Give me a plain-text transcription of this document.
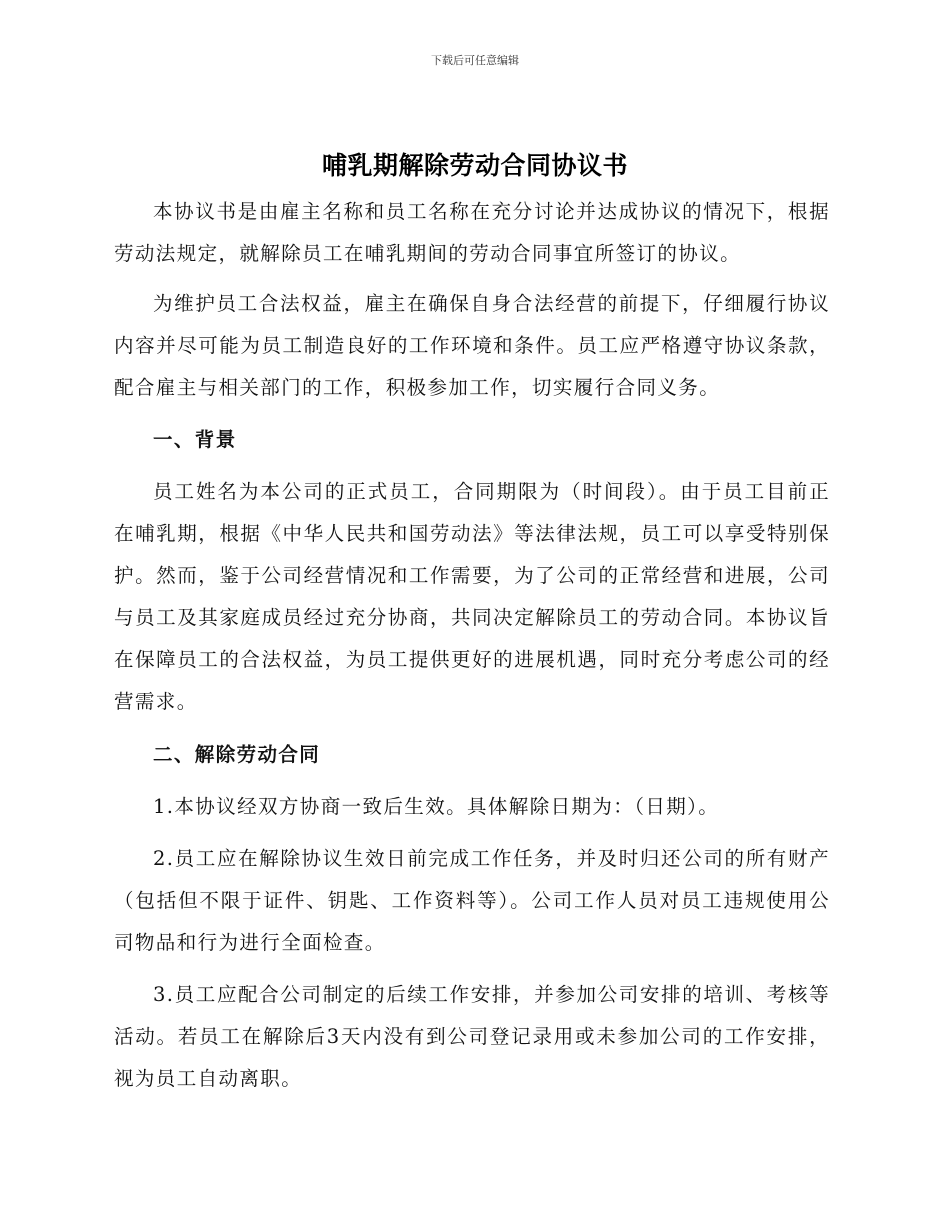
下载后可任意编辑
哺乳期解除劳动合同协议书

本协议书是由雇主名称和员工名称在充分讨论并达成协议的情况下，根据劳动法规定，就解除员工在哺乳期间的劳动合同事宜所签订的协议。

为维护员工合法权益，雇主在确保自身合法经营的前提下，仔细履行协议内容并尽可能为员工制造良好的工作环境和条件。员工应严格遵守协议条款，配合雇主与相关部门的工作，积极参加工作，切实履行合同义务。

一、背景

员工姓名为本公司的正式员工，合同期限为（时间段）。由于员工目前正在哺乳期，根据《中华人民共和国劳动法》等法律法规，员工可以享受特别保护。然而，鉴于公司经营情况和工作需要，为了公司的正常经营和进展，公司与员工及其家庭成员经过充分协商，共同决定解除员工的劳动合同。本协议旨在保障员工的合法权益，为员工提供更好的进展机遇，同时充分考虑公司的经营需求。

二、解除劳动合同

1.本协议经双方协商一致后生效。具体解除日期为：（日期）。

2.员工应在解除协议生效日前完成工作任务，并及时归还公司的所有财产（包括但不限于证件、钥匙、工作资料等）。公司工作人员对员工违规使用公司物品和行为进行全面检查。

3.员工应配合公司制定的后续工作安排，并参加公司安排的培训、考核等活动。若员工在解除后3天内没有到公司登记录用或未参加公司的工作安排，视为员工自动离职。
